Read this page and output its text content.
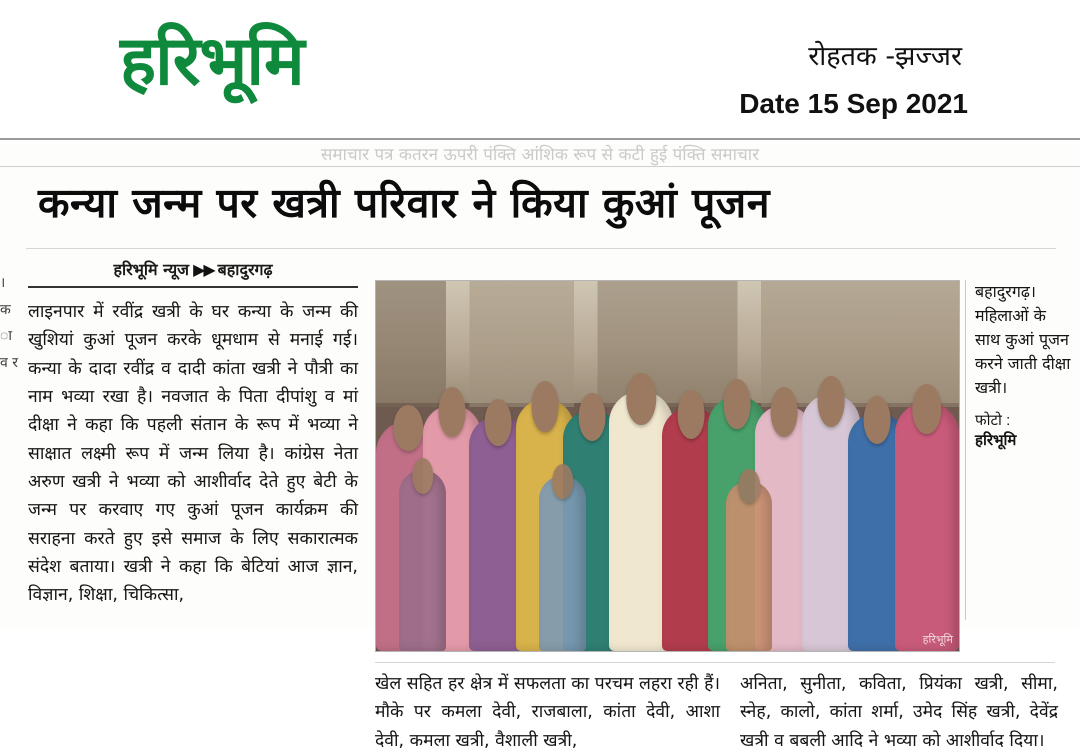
हरिभूमि	रोहतक -झज्जर
Date 15 Sep 2021
समाचार पत्र कतरन ऊपरी पंक्ति आंशिक रूप से कटी हुई पंक्ति समाचार
कन्या जन्म पर खत्री परिवार ने किया कुआं पूजन
। क ा व र
हरिभूमि न्यूज ▶▶ बहादुरगढ़

लाइनपार में रवींद्र खत्री के घर कन्या के जन्म की खुशियां कुआं पूजन करके धूमधाम से मनाई गई। कन्या के दादा रवींद्र व दादी कांता खत्री ने पौत्री का नाम भव्या रखा है। नवजात के पिता दीपांशु व मां दीक्षा ने कहा कि पहली संतान के रूप में भव्या ने साक्षात लक्ष्मी रूप में जन्म लिया है। कांग्रेस नेता अरुण खत्री ने भव्या को आशीर्वाद देते हुए बेटी के जन्म पर करवाए गए कुआं पूजन कार्यक्रम की सराहना करते हुए इसे समाज के लिए सकारात्मक संदेश बताया। खत्री ने कहा कि बेटियां आज ज्ञान, विज्ञान, शिक्षा, चिकित्सा,

हरिभूमि

बहादुरगढ़। महिलाओं के साथ कुआं पूजन करने जाती दीक्षा खत्री।

फोटो :
हरिभूमि

खेल सहित हर क्षेत्र में सफलता का परचम लहरा रही हैं। मौके पर कमला देवी, राजबाला, कांता देवी, आशा देवी, कमला खत्री, वैशाली खत्री,

अनिता, सुनीता, कविता, प्रियंका खत्री, सीमा, स्नेह, कालो, कांता शर्मा, उमेद सिंह खत्री, देवेंद्र खत्री व बबली आदि ने भव्या को आशीर्वाद दिया।
